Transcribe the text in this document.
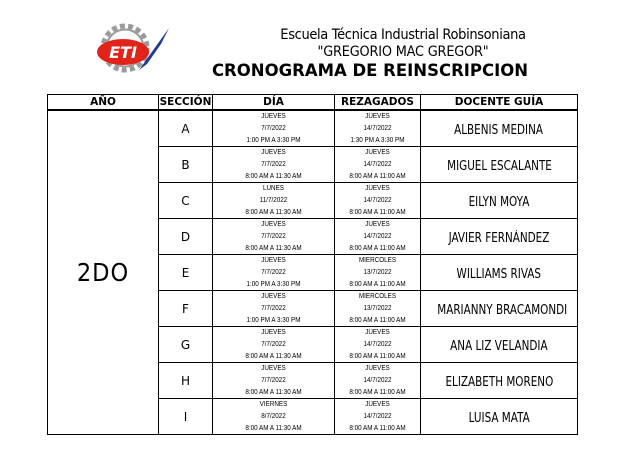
ETI
Escuela Técnica Industrial Robinsoniana
"GREGORIO MAC GREGOR"
CRONOGRAMA DE REINSCRIPCION
AÑO	SECCIÓN	DÍA	REZAGADOS	DOCENTE GUÍA
2DO	A	JUEVES
7/7/2022
1:00 PM A 3:30 PM	JUEVES
14/7/2022
1:30 PM A 3:30 PM	ALBENIS MEDINA
	B	JUEVES
7/7/2022
8:00 AM A 11:30 AM	JUEVES
14/7/2022
8:00 AM A 11:00 AM	MIGUEL ESCALANTE
	C	LUNES
11/7/2022
8:00 AM A 11:30 AM	JUEVES
14/7/2022
8:00 AM A 11:00 AM	EILYN MOYA
	D	JUEVES
7/7/2022
8:00 AM A 11:30 AM	JUEVES
14/7/2022
8:00 AM A 11:00 AM	JAVIER FERNÁNDEZ
	E	JUEVES
7/7/2022
1:00 PM A 3:30 PM	MIERCOLES
13/7/2022
8:00 AM A 11:00 AM	WILLIAMS RIVAS
	F	JUEVES
7/7/2022
1:00 PM A 3:30 PM	MIERCOLES
13/7/2022
8:00 AM A 11:00 AM	MARIANNY BRACAMONDI
	G	JUEVES
7/7/2022
8:00 AM A 11:30 AM	JUEVES
14/7/2022
8:00 AM A 11:00 AM	ANA LIZ VELANDIA
	H	JUEVES
7/7/2022
8:00 AM A 11:30 AM	JUEVES
14/7/2022
8:00 AM A 11:00 AM	ELIZABETH MORENO
	I	VIERNES
8/7/2022
8:00 AM A 11:30 AM	JUEVES
14/7/2022
8:00 AM A 11:00 AM	LUISA MATA
